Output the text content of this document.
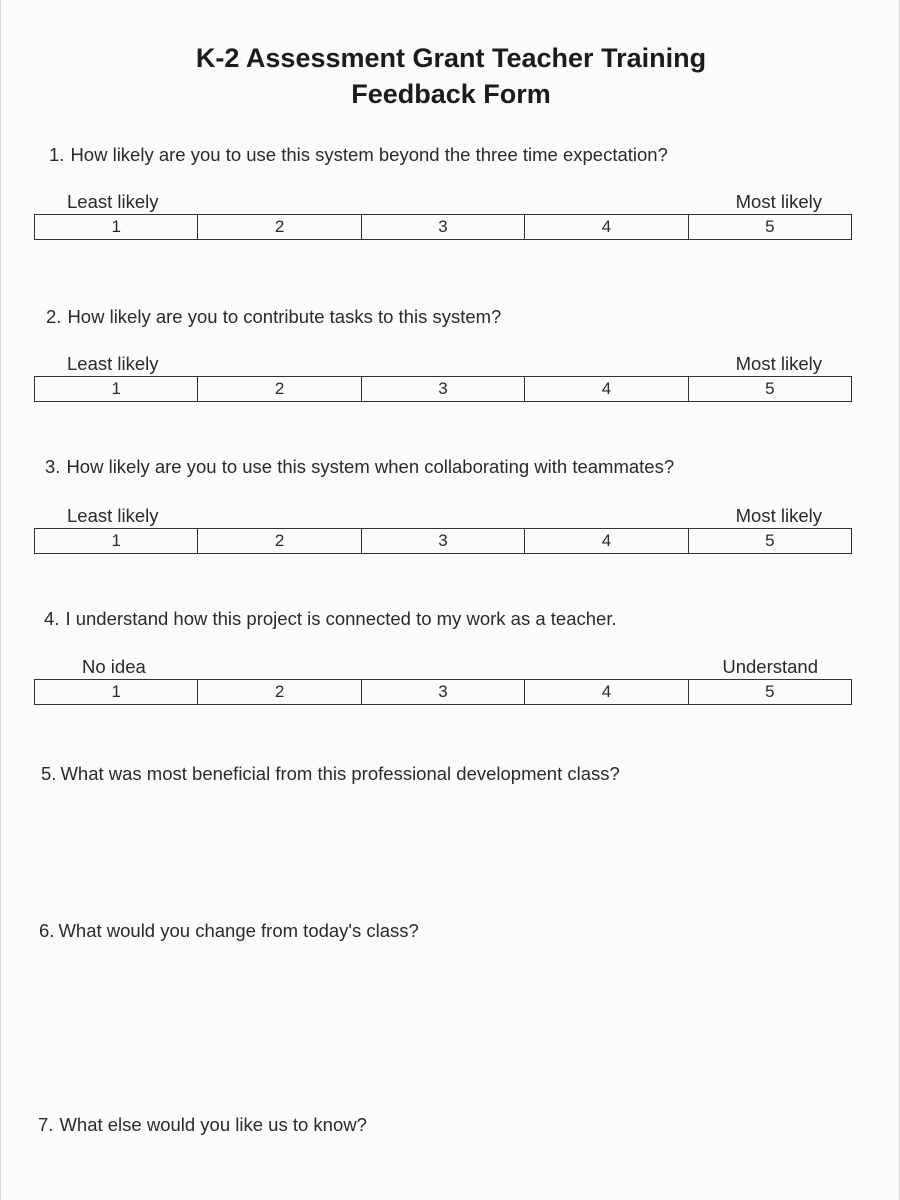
K-2 Assessment Grant Teacher Training
Feedback Form
1. How likely are you to use this system beyond the three time expectation?
Least likely	Most likely
1	2	3	4	5
2. How likely are you to contribute tasks to this system?
Least likely	Most likely
1	2	3	4	5
3. How likely are you to use this system when collaborating with teammates?
Least likely	Most likely
1	2	3	4	5
4. I understand how this project is connected to my work as a teacher.
No idea	Understand
1	2	3	4	5
5. What was most beneficial from this professional development class?
6. What would you change from today's class?
7. What else would you like us to know?
